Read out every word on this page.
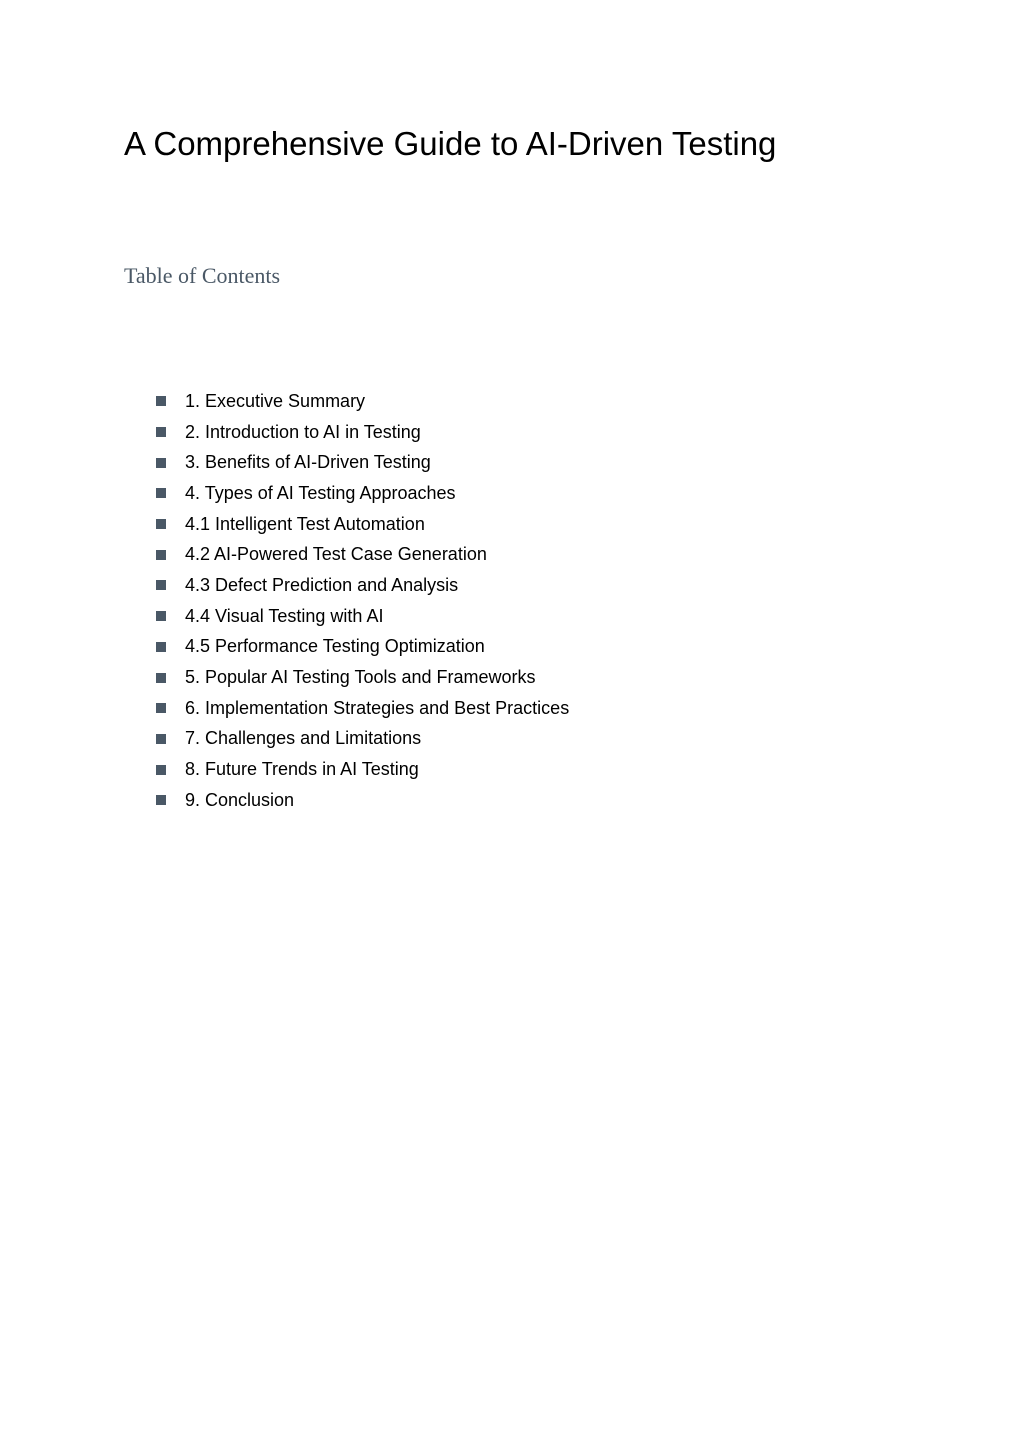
A Comprehensive Guide to AI-Driven Testing
Table of Contents
1. Executive Summary
2. Introduction to AI in Testing
3. Benefits of AI-Driven Testing
4. Types of AI Testing Approaches
4.1 Intelligent Test Automation
4.2 AI-Powered Test Case Generation
4.3 Defect Prediction and Analysis
4.4 Visual Testing with AI
4.5 Performance Testing Optimization
5. Popular AI Testing Tools and Frameworks
6. Implementation Strategies and Best Practices
7. Challenges and Limitations
8. Future Trends in AI Testing
9. Conclusion
